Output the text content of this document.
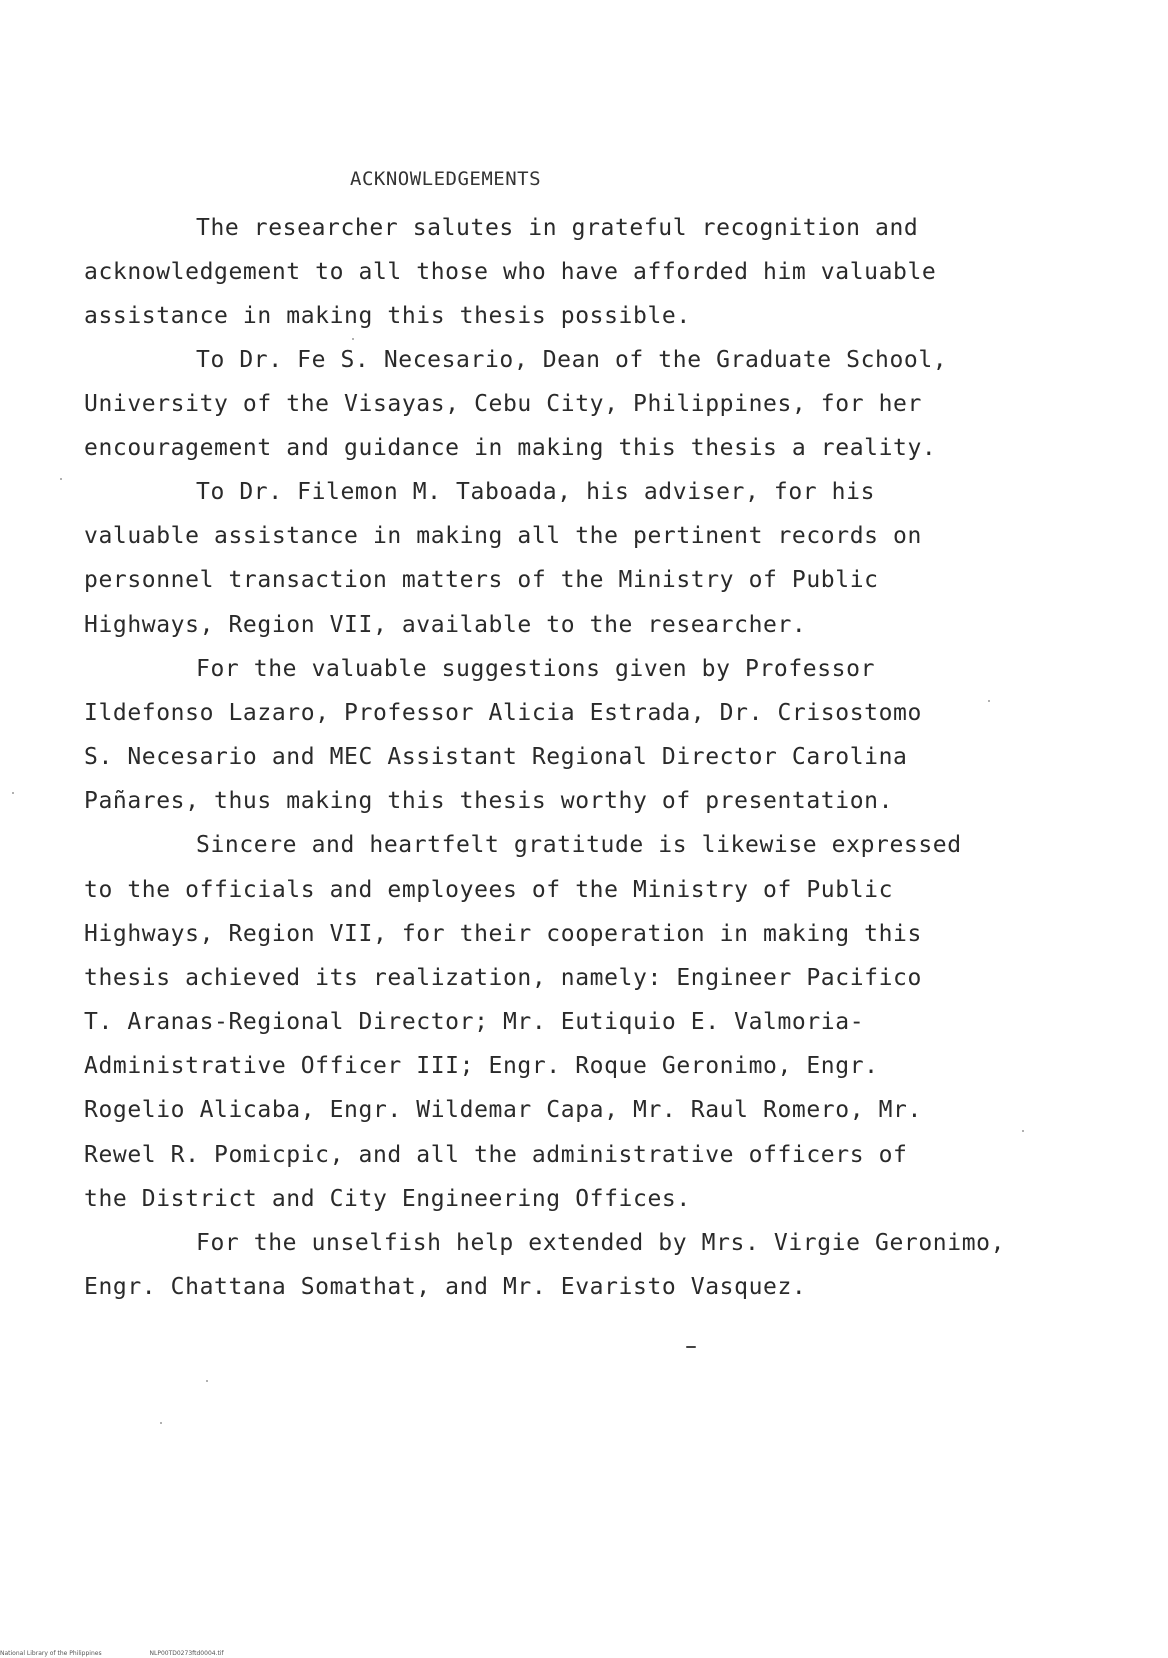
ACKNOWLEDGEMENTS
The researcher salutes in grateful recognition and
acknowledgement to all those who have afforded him valuable
assistance in making this thesis possible.
To Dr. Fe S. Necesario, Dean of the Graduate School,
University of the Visayas, Cebu City, Philippines, for her
encouragement and guidance in making this thesis a reality.
To Dr. Filemon M. Taboada, his adviser, for his
valuable assistance in making all the pertinent records on
personnel transaction matters of the Ministry of Public
Highways, Region VII, available to the researcher.
For the valuable suggestions given by Professor
Ildefonso Lazaro, Professor Alicia Estrada, Dr. Crisostomo
S. Necesario and MEC Assistant Regional Director Carolina
Pañares, thus making this thesis worthy of presentation.
Sincere and heartfelt gratitude is likewise expressed
to the officials and employees of the Ministry of Public
Highways, Region VII, for their cooperation in making this
thesis achieved its realization, namely: Engineer Pacifico
T. Aranas-Regional Director; Mr. Eutiquio E. Valmoria-
Administrative Officer III; Engr. Roque Geronimo, Engr.
Rogelio Alicaba, Engr. Wildemar Capa, Mr. Raul Romero, Mr.
Rewel R. Pomicpic, and all the administrative officers of
the District and City Engineering Offices.
For the unselfish help extended by Mrs. Virgie Geronimo,
Engr. Chattana Somathat, and Mr. Evaristo Vasquez.
National Library of the Philippines	NLP00TD0273ftd0004.tif
